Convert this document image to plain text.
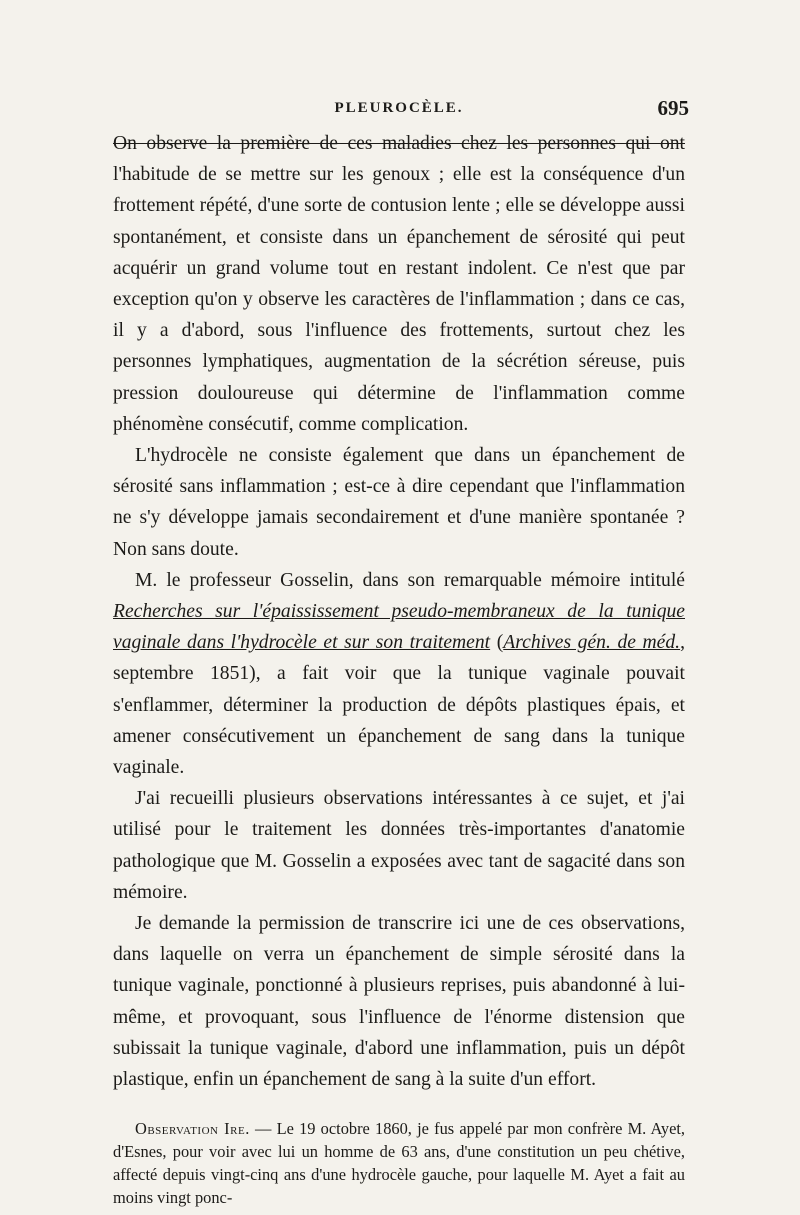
PLEUROCÈLE.	695

On observe la première de ces maladies chez les personnes qui ont l'habitude de se mettre sur les genoux ; elle est la conséquence d'un frottement répété, d'une sorte de contusion lente ; elle se développe aussi spontanément, et consiste dans un épanchement de sérosité qui peut acquérir un grand volume tout en restant indolent. Ce n'est que par exception qu'on y observe les caractères de l'inflammation ; dans ce cas, il y a d'abord, sous l'influence des frottements, surtout chez les personnes lymphatiques, augmentation de la sécrétion séreuse, puis pression douloureuse qui détermine de l'inflammation comme phénomène consécutif, comme complication.

L'hydrocèle ne consiste également que dans un épanchement de sérosité sans inflammation ; est-ce à dire cependant que l'inflammation ne s'y développe jamais secondairement et d'une manière spontanée ? Non sans doute.

M. le professeur Gosselin, dans son remarquable mémoire intitulé Recherches sur l'épaississement pseudo-membraneux de la tunique vaginale dans l'hydrocèle et sur son traitement (Archives gén. de méd., septembre 1851), a fait voir que la tunique vaginale pouvait s'enflammer, déterminer la production de dépôts plastiques épais, et amener consécutivement un épanchement de sang dans la tunique vaginale.

J'ai recueilli plusieurs observations intéressantes à ce sujet, et j'ai utilisé pour le traitement les données très-importantes d'anatomie pathologique que M. Gosselin a exposées avec tant de sagacité dans son mémoire.

Je demande la permission de transcrire ici une de ces observations, dans laquelle on verra un épanchement de simple sérosité dans la tunique vaginale, ponctionné à plusieurs reprises, puis abandonné à lui-même, et provoquant, sous l'influence de l'énorme distension que subissait la tunique vaginale, d'abord une inflammation, puis un dépôt plastique, enfin un épanchement de sang à la suite d'un effort.

Observation Ire. — Le 19 octobre 1860, je fus appelé par mon confrère M. Ayet, d'Esnes, pour voir avec lui un homme de 63 ans, d'une constitution un peu chétive, affecté depuis vingt-cinq ans d'une hydrocèle gauche, pour laquelle M. Ayet a fait au moins vingt ponc-
